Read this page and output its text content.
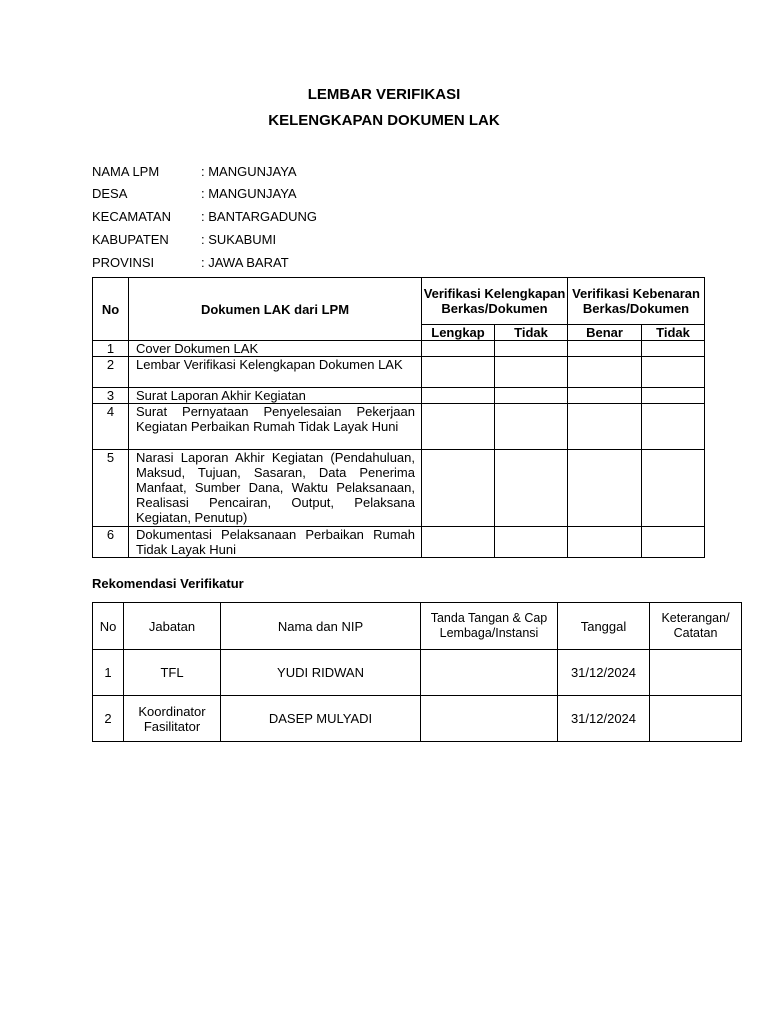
LEMBAR VERIFIKASI
KELENGKAPAN DOKUMEN LAK
NAMA LPM	: MANGUNJAYA
DESA	: MANGUNJAYA
KECAMATAN : BANTARGADUNG
KABUPATEN : SUKABUMI
PROVINSI	: JAWA BARAT
No	Dokumen LAK dari LPM	Verifikasi Kelengkapan Berkas/Dokumen		Verifikasi Kebenaran Berkas/Dokumen	
		Lengkap	Tidak	Benar	Tidak
1	Cover Dokumen LAK				
2	Lembar Verifikasi Kelengkapan Dokumen LAK				
3	Surat Laporan Akhir Kegiatan				
4	Surat Pernyataan Penyelesaian Pekerjaan Kegiatan Perbaikan Rumah Tidak Layak Huni				
5	Narasi Laporan Akhir Kegiatan (Pendahuluan, Maksud, Tujuan, Sasaran, Data Penerima Manfaat, Sumber Dana, Waktu Pelaksanaan, Realisasi Pencairan, Output, Pelaksana Kegiatan, Penutup)				
6	Dokumentasi Pelaksanaan Perbaikan Rumah Tidak Layak Huni				
Rekomendasi Verifikatur
No	Jabatan	Nama dan NIP	Tanda Tangan & Cap Lembaga/Instansi	Tanggal	Keterangan/ Catatan
1	TFL	YUDI RIDWAN		31/12/2024	
2	Koordinator Fasilitator	DASEP MULYADI		31/12/2024	
